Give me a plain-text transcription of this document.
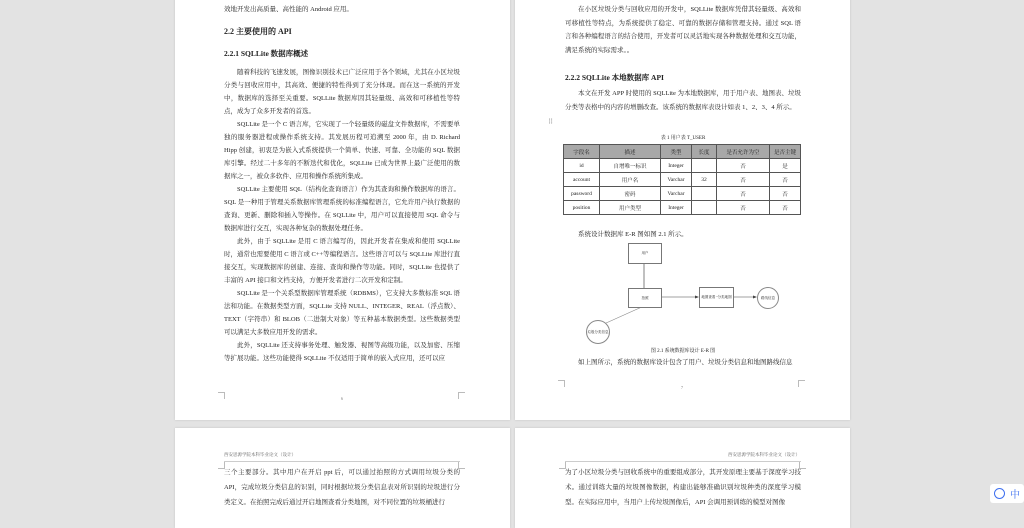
效地开发出高质量、高性能的 Android 应用。
2.2 主要使用的 API
2.2.1 SQLLite 数据库概述

随着科技的飞速发展，图像识别技术已广泛应用于各个领域，尤其在小区垃圾分类与回收应用中，其高效、便捷的特性得到了充分体现。而在这一系统的开发中，数据库的选择至关重要。SQLLite 数据库因其轻量级、高效和可移植性等特点，成为了众多开发者的首选。

SQLLite 是一个 C 语言库，它实现了一个轻量级的磁盘文件数据库，不需要单独的服务器进程或操作系统支持。其发展历程可追溯至 2000 年，由 D. Richard Hipp 创建，初衷是为嵌入式系统提供一个简单、快速、可靠、全功能的 SQL 数据库引擎。经过二十多年的不断迭代和优化，SQLLite 已成为世界上最广泛使用的数据库之一，被众多软件、应用和操作系统所集成。

SQLLite 主要使用 SQL（结构化查询语言）作为其查询和操作数据库的语言。SQL 是一种用于管理关系数据库管理系统的标准编程语言，它允许用户执行数据的查询、更新、删除和插入等操作。在 SQLLite 中，用户可以直接使用 SQL 命令与数据库进行交互，实现各种复杂的数据处理任务。

此外，由于 SQLLite 是用 C 语言编写的，因此开发者在集成和使用 SQLLite 时，通常也需要使用 C 语言或 C++等编程语言。这些语言可以与 SQLLite 库进行直接交互，实现数据库的创建、连接、查询和操作等功能。同时，SQLLite 也提供了丰富的 API 接口和文档支持，方便开发者进行二次开发和定制。

SQLLite 是一个关系型数据库管理系统（RDBMS），它支持大多数标准 SQL 语法和功能。在数据类型方面，SQLLite 支持 NULL、INTEGER、REAL（浮点数）、TEXT（字符串）和 BLOB（二进制大对象）等五种基本数据类型。这些数据类型可以满足大多数应用开发的需求。

此外，SQLLite 还支持事务处理、触发器、视图等高级功能，以及加密、压缩等扩展功能。这些功能使得 SQLLite 不仅适用于简单的嵌入式应用，还可以应

6

在小区垃圾分类与回收应用的开发中，SQLLite 数据库凭借其轻量级、高效和可移植性等特点，为系统提供了稳定、可靠的数据存储和管理支持。通过 SQL 语言和各种编程语言的结合使用，开发者可以灵活地实现各种数据处理和交互功能，满足系统的实际需求。。

2.2.2 SQLLite 本地数据库 API

本文在开发 APP 时使用的 SQLLite 为本地数据库，用于用户表、地图表、垃圾分类等表格中的内容的增删改查。该系统的数据库表设计如表 1、2、3、4 所示。

⠿
表 1 用户表 T_USER
字段名	描述	类型	长度	是否允许为空	是否主键
id	自增唯一标识	Integer		否	是
account	用户名	Varchar	32	否	否
password	密码	Varchar		否	否
position	用户类型	Integer		否	否
系统设计数据库 E-R 图如图 2.1 所示。
用户
拍照	地图查看 "分类地图	路线信息
垃圾分类信息
图 2.1 系统数据库设计 E-R 图
如上图所示，系统的数据库设计包含了用户、垃圾分类信息和地图路线信息
7
西安思源学院本科毕业论文（设计）
三个主要部分。其中用户在开启 ppt 后，可以通过拍照的方式调用垃圾分类的 API，完成垃圾分类信息的识别，同时根据垃圾分类信息表对所识别的垃圾进行分类定义。在拍照完成后通过开启地图查看分类地图，对不同位置的垃圾桶进行
西安思源学院本科毕业论文（设计）
为了小区垃圾分类与回收系统中的重要组成部分，其开发原理主要基于深度学习技术。通过训练大量的垃圾图像数据，构建出能够准确识别垃圾种类的深度学习模型。在实际应用中，当用户上传垃圾图像后，API 会调用预训练的模型对图像
中
